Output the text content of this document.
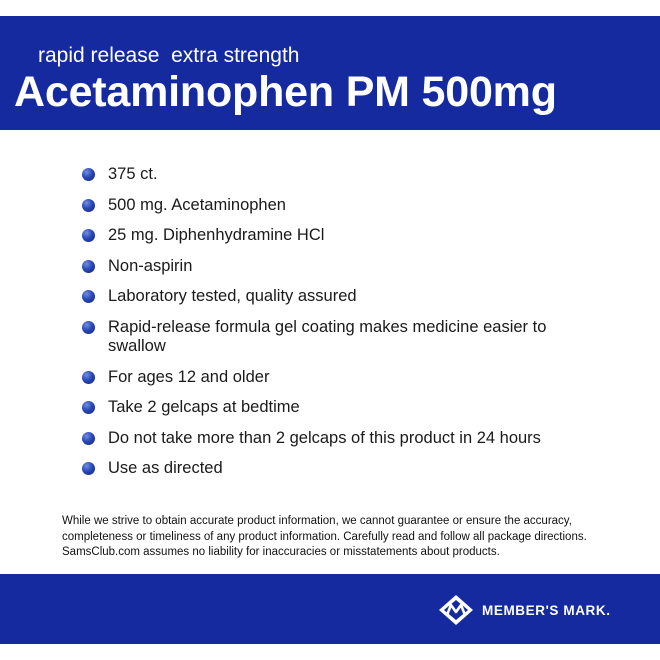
rapid release  extra strength
Acetaminophen PM 500mg
375 ct.
500 mg. Acetaminophen
25 mg. Diphenhydramine HCl
Non-aspirin
Laboratory tested, quality assured
Rapid-release formula gel coating makes medicine easier to swallow
For ages 12 and older
Take 2 gelcaps at bedtime
Do not take more than 2 gelcaps of this product in 24 hours
Use as directed
While we strive to obtain accurate product information, we cannot guarantee or ensure the accuracy, completeness or timeliness of any product information. Carefully read and follow all package directions. SamsClub.com assumes no liability for inaccuracies or misstatements about products.
MEMBER'S MARK.
